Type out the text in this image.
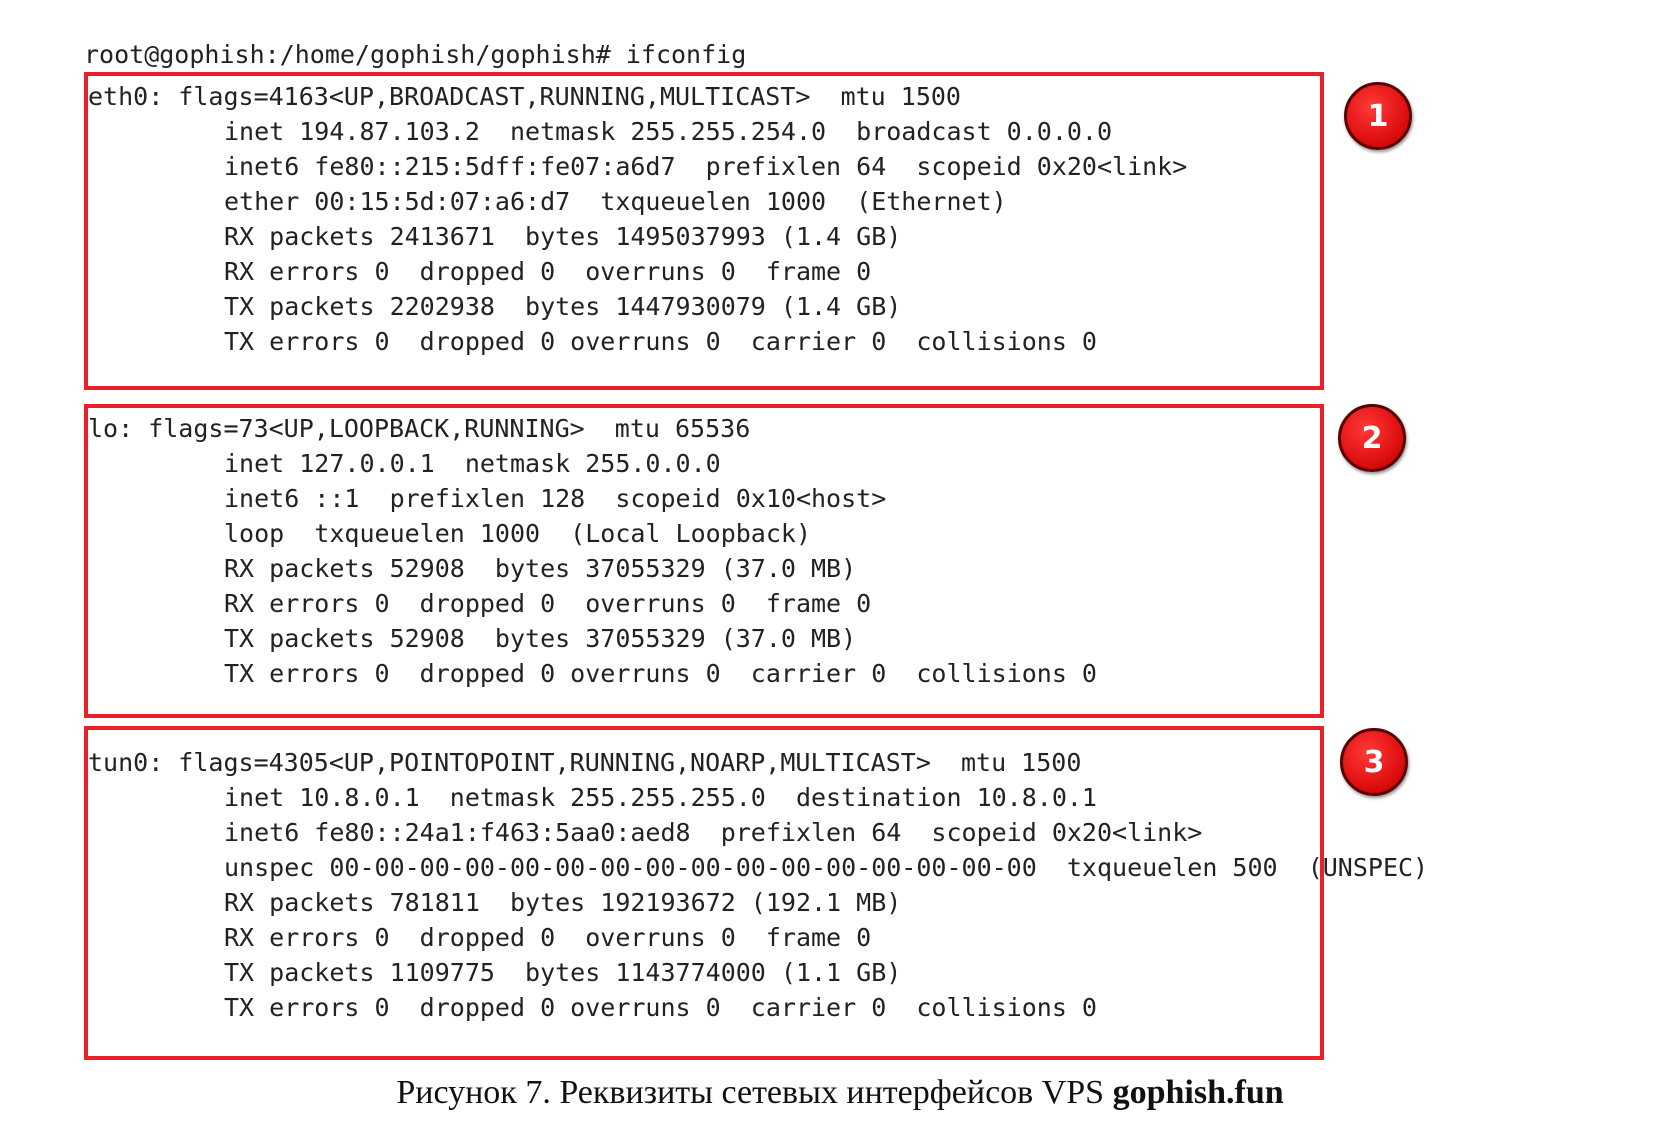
root@gophish:/home/gophish/gophish# ifconfig

eth0: flags=4163<UP,BROADCAST,RUNNING,MULTICAST>  mtu 1500

inet 194.87.103.2  netmask 255.255.254.0  broadcast 0.0.0.0

inet6 fe80::215:5dff:fe07:a6d7  prefixlen 64  scopeid 0x20<link>

ether 00:15:5d:07:a6:d7  txqueuelen 1000  (Ethernet)

RX packets 2413671  bytes 1495037993 (1.4 GB)

RX errors 0  dropped 0  overruns 0  frame 0

TX packets 2202938  bytes 1447930079 (1.4 GB)

TX errors 0  dropped 0 overruns 0  carrier 0  collisions 0

1

lo: flags=73<UP,LOOPBACK,RUNNING>  mtu 65536

inet 127.0.0.1  netmask 255.0.0.0

inet6 ::1  prefixlen 128  scopeid 0x10<host>

loop  txqueuelen 1000  (Local Loopback)

RX packets 52908  bytes 37055329 (37.0 MB)

RX errors 0  dropped 0  overruns 0  frame 0

TX packets 52908  bytes 37055329 (37.0 MB)

TX errors 0  dropped 0 overruns 0  carrier 0  collisions 0

2

tun0: flags=4305<UP,POINTOPOINT,RUNNING,NOARP,MULTICAST>  mtu 1500

inet 10.8.0.1  netmask 255.255.255.0  destination 10.8.0.1

inet6 fe80::24a1:f463:5aa0:aed8  prefixlen 64  scopeid 0x20<link>

unspec 00-00-00-00-00-00-00-00-00-00-00-00-00-00-00-00  txqueuelen 500  (UNSPEC)

RX packets 781811  bytes 192193672 (192.1 MB)

RX errors 0  dropped 0  overruns 0  frame 0

TX packets 1109775  bytes 1143774000 (1.1 GB)

TX errors 0  dropped 0 overruns 0  carrier 0  collisions 0

3
Рисунок 7. Реквизиты сетевых интерфейсов VPS gophish.fun
